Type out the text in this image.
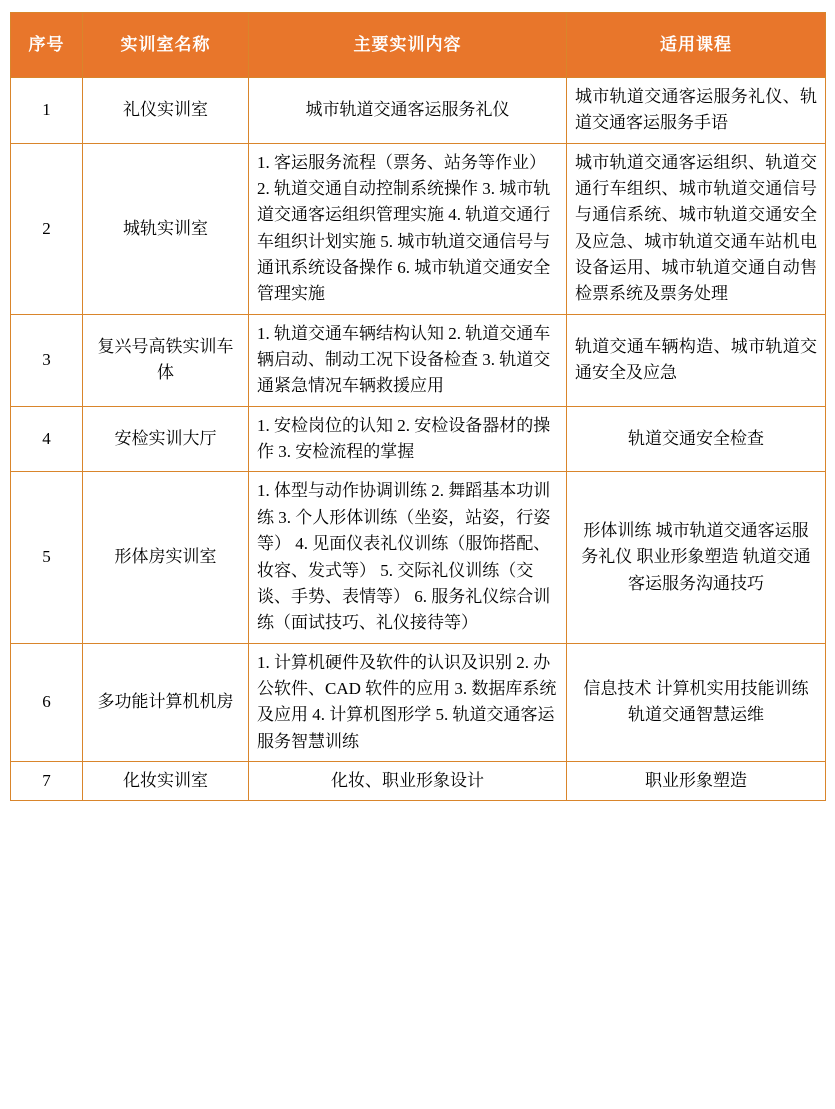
序号	实训室名称	主要实训内容	适用课程
1	礼仪实训室	城市轨道交通客运服务礼仪	城市轨道交通客运服务礼仪、轨道交通客运服务手语

2	城轨实训室	1. 客运服务流程（票务、站务等作业） 2. 轨道交通自动控制系统操作 3. 城市轨道交通客运组织管理实施 4. 轨道交通行车组织计划实施 5. 城市轨道交通信号与通讯系统设备操作 6. 城市轨道交通安全管理实施	城市轨道交通客运组织、轨道交通行车组织、城市轨道交通信号与通信系统、城市轨道交通安全及应急、城市轨道交通车站机电设备运用、城市轨道交通自动售检票系统及票务处理

3	复兴号高铁实训车体	1. 轨道交通车辆结构认知 2. 轨道交通车辆启动、制动工况下设备检查 3. 轨道交通紧急情况车辆救援应用	轨道交通车辆构造、城市轨道交通安全及应急

4	安检实训大厅	1. 安检岗位的认知 2. 安检设备器材的操作 3. 安检流程的掌握	轨道交通安全检查

5	形体房实训室	1. 体型与动作协调训练 2. 舞蹈基本功训练 3. 个人形体训练（坐姿，站姿，行姿等） 4. 见面仪表礼仪训练（服饰搭配、妆容、发式等） 5. 交际礼仪训练（交谈、手势、表情等） 6. 服务礼仪综合训练（面试技巧、礼仪接待等）	形体训练 城市轨道交通客运服务礼仪 职业形象塑造 轨道交通客运服务沟通技巧

6	多功能计算机机房	1. 计算机硬件及软件的认识及识别 2. 办公软件、CAD 软件的应用 3. 数据库系统及应用 4. 计算机图形学 5. 轨道交通客运服务智慧训练	信息技术 计算机实用技能训练 轨道交通智慧运维

7	化妆实训室	化妆、职业形象设计	职业形象塑造
